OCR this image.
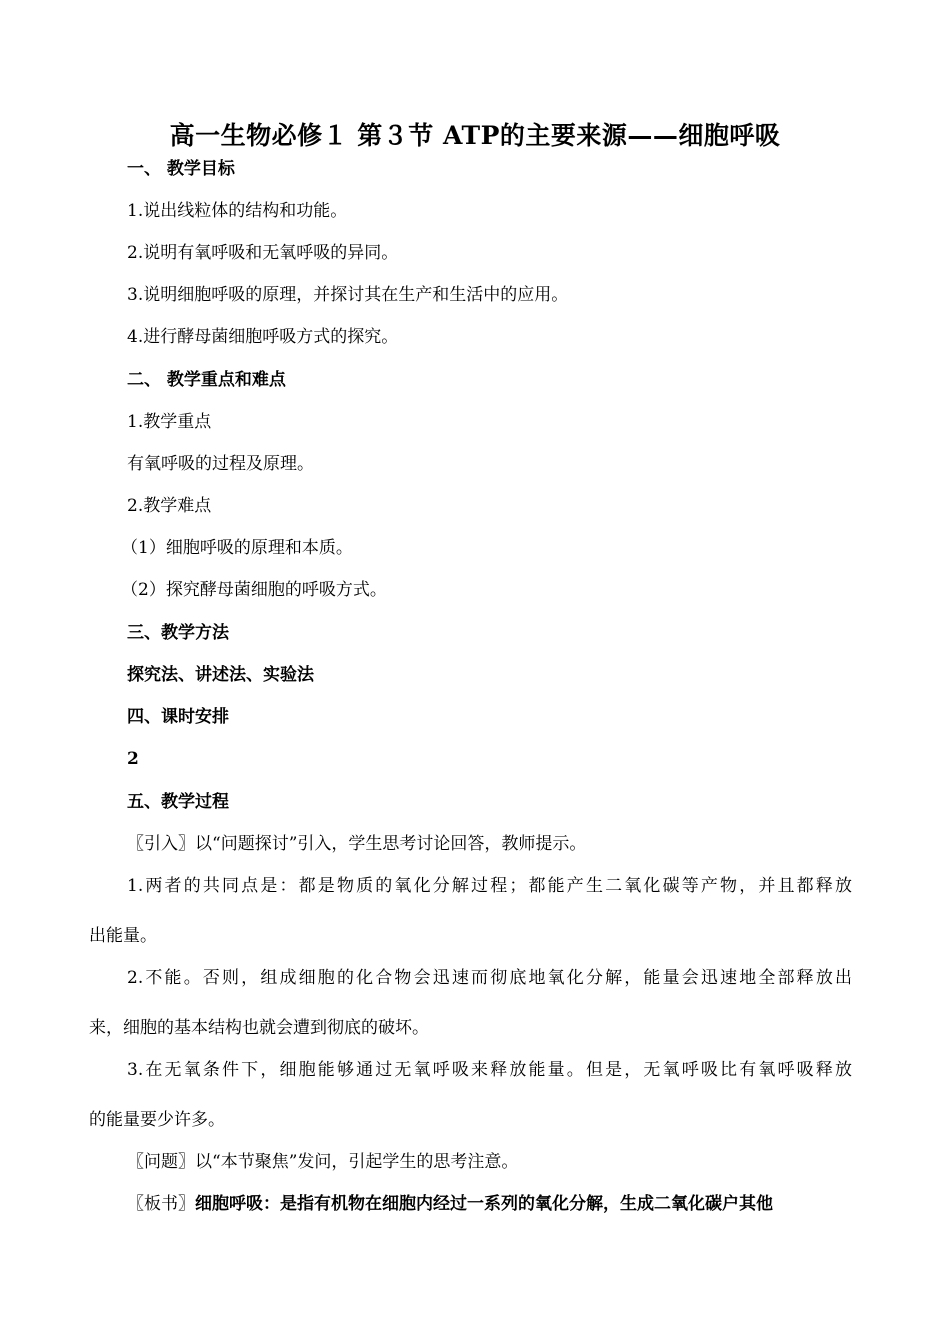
高一生物必修１ 第３节 ATP的主要来源——细胞呼吸
一、 教学目标
1.说出线粒体的结构和功能。
2.说明有氧呼吸和无氧呼吸的异同。
3.说明细胞呼吸的原理，并探讨其在生产和生活中的应用。
4.进行酵母菌细胞呼吸方式的探究。
二、 教学重点和难点
1.教学重点
有氧呼吸的过程及原理。
2.教学难点
（1）细胞呼吸的原理和本质。
（2）探究酵母菌细胞的呼吸方式。
三、教学方法
探究法、讲述法、实验法
四、课时安排
2
五、教学过程
〖引入〗以“问题探讨”引入，学生思考讨论回答，教师提示。
1.两者的共同点是：都是物质的氧化分解过程；都能产生二氧化碳等产物，并且都释放
出能量。
2.不能。否则，组成细胞的化合物会迅速而彻底地氧化分解，能量会迅速地全部释放出
来，细胞的基本结构也就会遭到彻底的破坏。
3.在无氧条件下，细胞能够通过无氧呼吸来释放能量。但是，无氧呼吸比有氧呼吸释放
的能量要少许多。
〖问题〗以“本节聚焦”发问，引起学生的思考注意。
〖板书〗细胞呼吸：是指有机物在细胞内经过一系列的氧化分解，生成二氧化碳户其他
